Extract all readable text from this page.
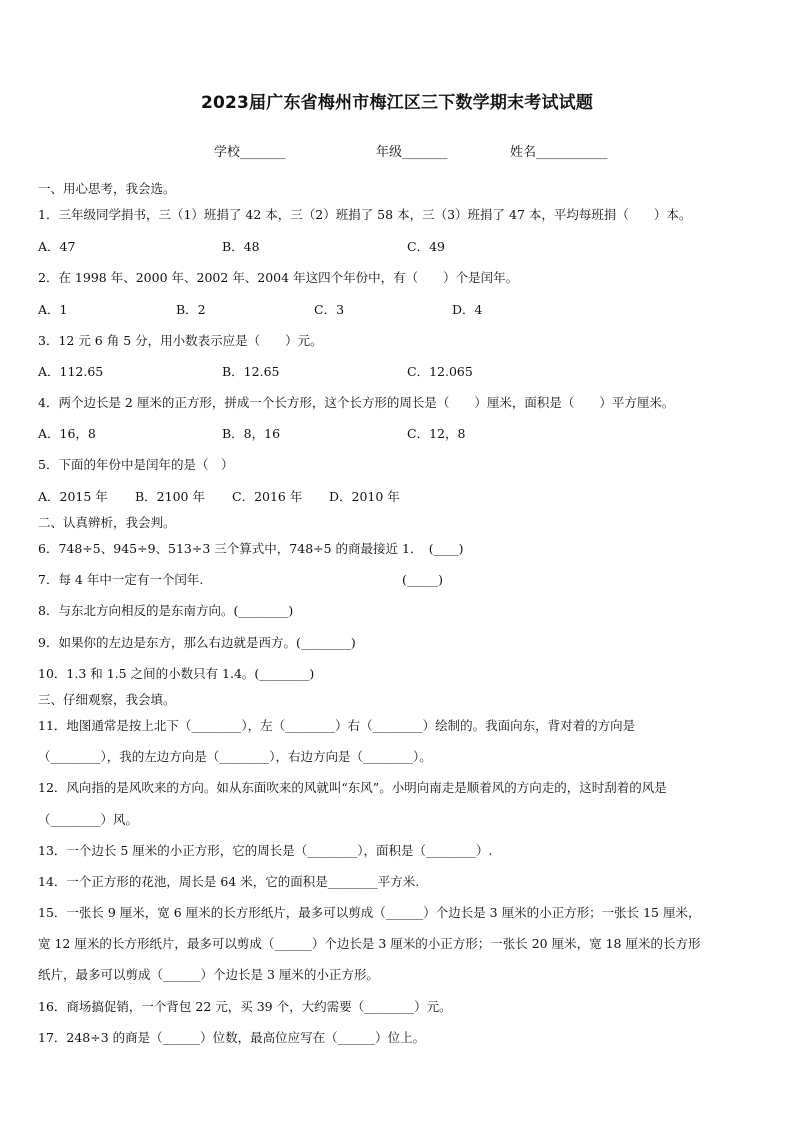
2023届广东省梅州市梅江区三下数学期末考试试题
学校_______	年级_______	姓名___________
一、用心思考，我会选。
1．三年级同学捐书，三（1）班捐了 42 本，三（2）班捐了 58 本，三（3）班捐了 47 本，平均每班捐（　　）本。
A．47	B．48	C．49
2．在 1998 年、2000 年、2002 年、2004 年这四个年份中，有（　　）个是闰年。
A．1	B．2	C．3	D．4
3．12 元 6 角 5 分，用小数表示应是（　　）元。
A．112.65	B．12.65	C．12.065
4．两个边长是 2 厘米的正方形，拼成一个长方形，这个长方形的周长是（　　）厘米，面积是（　　）平方厘米。
A．16，8	B．8，16	C．12，8
5．下面的年份中是闰年的是（　）
A．2015 年 B．2100 年 C．2016 年 D．2010 年
二、认真辨析，我会判。
6．748÷5、945÷9、513÷3 三个算式中，748÷5 的商最接近 1．　(____)
7．每 4 年中一定有一个闰年.	(_____)
8．与东北方向相反的是东南方向。(________)
9．如果你的左边是东方，那么右边就是西方。(________)
10．1.3 和 1.5 之间的小数只有 1.4。(________)
三、仔细观察，我会填。
11．地图通常是按上北下（________），左（________）右（________）绘制的。我面向东，背对着的方向是
（________），我的左边方向是（________），右边方向是（________）。
12．风向指的是风吹来的方向。如从东面吹来的风就叫“东风”。小明向南走是顺着风的方向走的，这时刮着的风是
（________）风。
13．一个边长 5 厘米的小正方形，它的周长是（________），面积是（________）.
14．一个正方形的花池，周长是 64 米，它的面积是________平方米.
15．一张长 9 厘米，宽 6 厘米的长方形纸片，最多可以剪成（______）个边长是 3 厘米的小正方形；一张长 15 厘米，
宽 12 厘米的长方形纸片，最多可以剪成（______）个边长是 3 厘米的小正方形；一张长 20 厘米，宽 18 厘米的长方形
纸片，最多可以剪成（______）个边长是 3 厘米的小正方形。
16．商场搞促销，一个背包 22 元，买 39 个，大约需要（________）元。
17．248÷3 的商是（______）位数，最高位应写在（______）位上。
